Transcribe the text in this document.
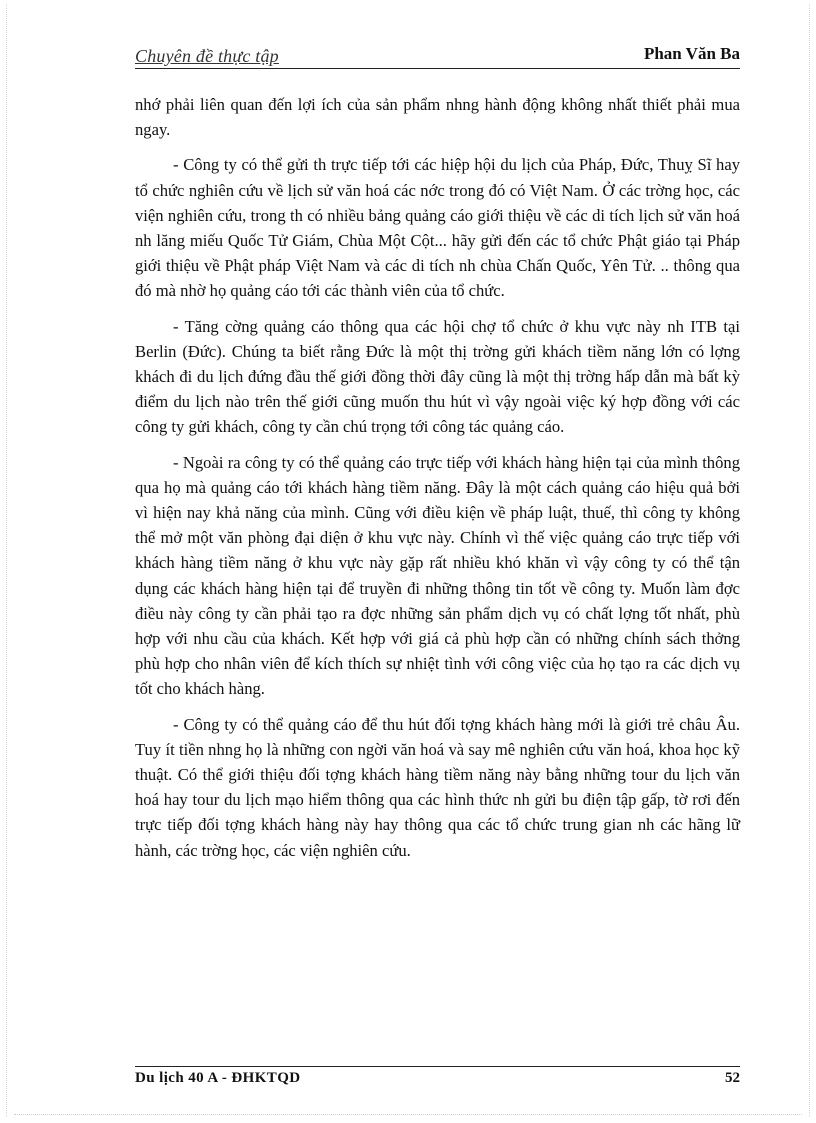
Chuyên đề thực tập	Phan Văn Ba

nhớ phải liên quan đến lợi ích của sản phẩm nhng hành động không nhất thiết phải mua ngay.

- Công ty có thể gửi th trực tiếp tới các hiệp hội du lịch của Pháp, Đức, Thuỵ Sĩ hay tổ chức nghiên cứu về lịch sử văn hoá các nớc trong đó có Việt Nam. Ở các trờng học, các viện nghiên cứu, trong th có nhiều bảng quảng cáo giới thiệu về các di tích lịch sử văn hoá nh lăng miếu Quốc Tử Giám, Chùa Một Cột... hãy gửi đến các tổ chức Phật giáo tại Pháp giới thiệu về Phật pháp Việt Nam và các di tích nh chùa Chấn Quốc, Yên Tử. .. thông qua đó mà nhờ họ quảng cáo tới các thành viên của tổ chức.

- Tăng cờng quảng cáo thông qua các hội chợ tổ chức ở khu vực này nh ITB tại Berlin (Đức). Chúng ta biết rằng Đức là một thị trờng gửi khách tiềm năng lớn có lợng khách đi du lịch đứng đầu thế giới đồng thời đây cũng là một thị trờng hấp dẫn mà bất kỳ điểm du lịch nào trên thế giới cũng muốn thu hút vì vậy ngoài việc ký hợp đồng với các công ty gửi khách, công ty cần chú trọng tới công tác quảng cáo.

- Ngoài ra công ty có thể quảng cáo trực tiếp với khách hàng hiện tại của mình thông qua họ mà quảng cáo tới khách hàng tiềm năng. Đây là một cách quảng cáo hiệu quả bởi vì hiện nay khả năng của mình. Cũng với điều kiện về pháp luật, thuế, thì công ty không thể mở một văn phòng đại diện ở khu vực này. Chính vì thế việc quảng cáo trực tiếp với khách hàng tiềm năng ở khu vực này gặp rất nhiều khó khăn vì vậy công ty có thể tận dụng các khách hàng hiện tại để truyền đi những thông tin tốt về công ty. Muốn làm đợc điều này công ty cần phải tạo ra đợc những sản phẩm dịch vụ có chất lợng tốt nhất, phù hợp với nhu cầu của khách. Kết hợp với giá cả phù hợp cần có những chính sách thởng phù hợp cho nhân viên để kích thích sự nhiệt tình với công việc của họ tạo ra các dịch vụ tốt cho khách hàng.

- Công ty có thể quảng cáo để thu hút đối tợng khách hàng mới là giới trẻ châu Âu. Tuy ít tiền nhng họ là những con ngời văn hoá và say mê nghiên cứu văn hoá, khoa học kỹ thuật. Có thể giới thiệu đối tợng khách hàng tiềm năng này bằng những tour du lịch văn hoá hay tour du lịch mạo hiểm thông qua các hình thức nh gửi bu điện tập gấp, tờ rơi đến trực tiếp đối tợng khách hàng này hay thông qua các tổ chức trung gian nh các hãng lữ hành, các trờng học, các viện nghiên cứu.

Du lịch 40 A - ĐHKTQD	52
